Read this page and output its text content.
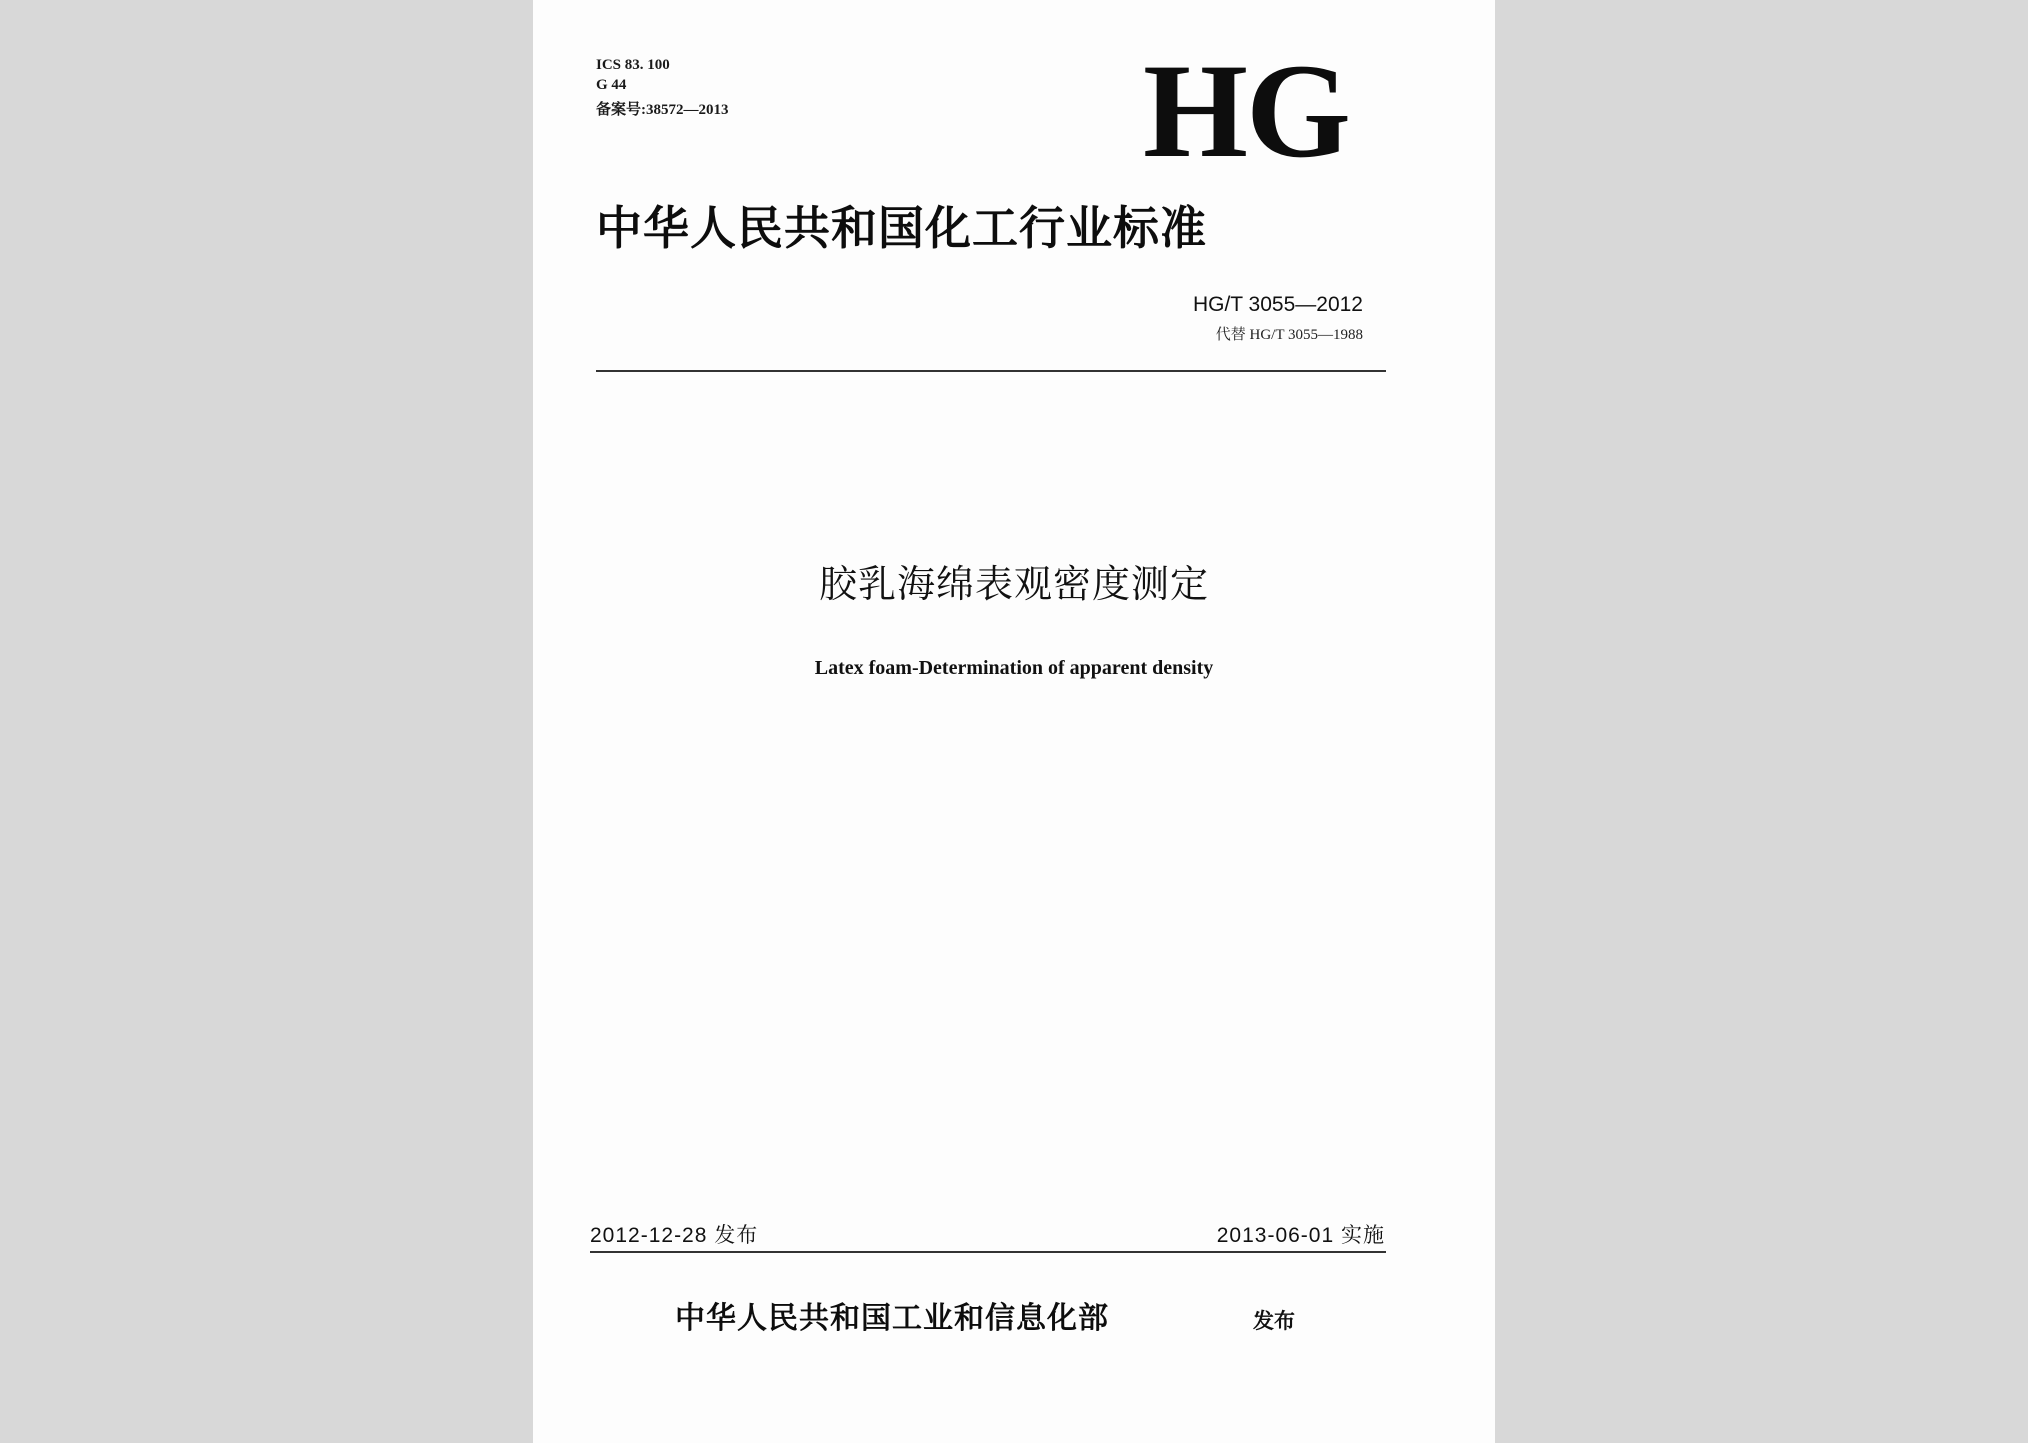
ICS 83. 100
G 44
备案号:38572—2013	HG
中华人民共和国化工行业标准
HG/T 3055—2012
代替 HG/T 3055—1988
胶乳海绵表观密度测定
Latex foam-Determination of apparent density
2012-12-28 发布	2013-06-01 实施
中华人民共和国工业和信息化部	发布
